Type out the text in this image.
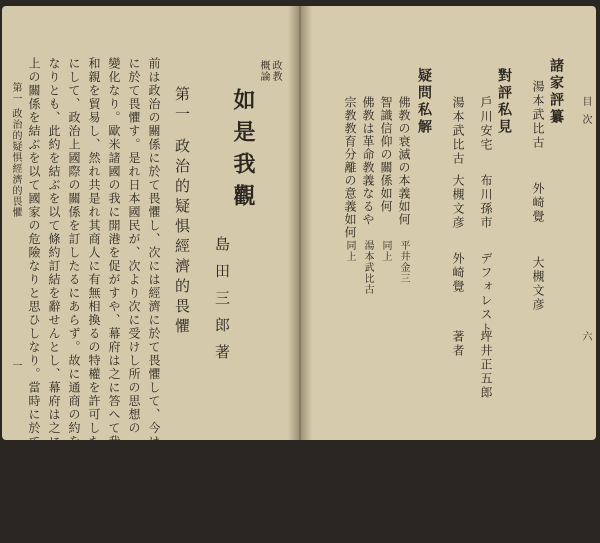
第一 政治的疑惧經濟的畏懼
一 上の關係を結ぶを以て國家の危險なりと思ひしなり。當時に於ては我政治 なりとも、此約を結ぶを以て條約訂結を辭せんとし、幕府は之に答へて我國政治 にして、政治上國際の關係を訂したるにあらず。故に通商の約を結びて 和親を貿易し、然れ共是れ其商人に有無相換るの特權を許可したる者 變化なり。歐米諸國の我に開港を促がすや、幕府は之に答へて我國古來 に於て畏懼す。是れ日本國民が、次より次に受けし所の思想の 前は政治の關係に於て畏懼し、次には經濟に於て畏懼して、今は人種宗教 第一
政治的疑惧經濟的畏懼 島田三郎著
政教
概論
如是我觀	目次
六
諸家評纂
湯本武比古
外崎覺
大槻文彦
對評私見
戶川安宅
布川孫市
デフォレスト
坪井正五郎
湯本武比古
大槻文彦
外崎覺
著者
疑問私解
佛教の衰滅の本義如何
平井金三
智識信仰の關係如何
同上
佛教は革命教義なるや
湯本武比古
宗教教育分離の意義如何
同上
